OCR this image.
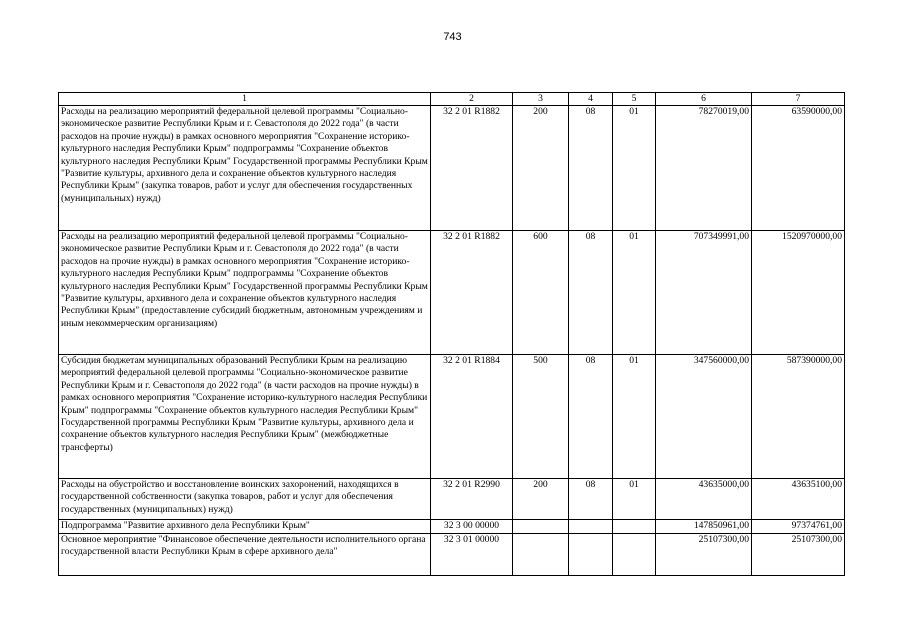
743
1	2	3	4	5	6	7
Расходы на реализацию мероприятий федеральной целевой программы "Социально-экономическое развитие Республики Крым и г. Севастополя до 2022 года" (в части расходов на прочие нужды) в рамках основного мероприятия "Сохранение историко-культурного наследия Республики Крым" подпрограммы "Сохранение объектов культурного наследия Республики Крым" Государственной программы Республики Крым "Развитие культуры, архивного дела и сохранение объектов культурного наследия Республики Крым" (закупка товаров, работ и услуг для обеспечения государственных (муниципальных) нужд)	32 2 01 R1882	200	08	01	78270019,00	63590000,00
Расходы на реализацию мероприятий федеральной целевой программы "Социально-экономическое развитие Республики Крым и г. Севастополя до 2022 года" (в части расходов на прочие нужды) в рамках основного мероприятия "Сохранение историко-культурного наследия Республики Крым" подпрограммы "Сохранение объектов культурного наследия Республики Крым" Государственной программы Республики Крым "Развитие культуры, архивного дела и сохранение объектов культурного наследия Республики Крым" (предоставление субсидий бюджетным, автономным учреждениям и иным некоммерческим организациям)	32 2 01 R1882	600	08	01	707349991,00	1520970000,00
Субсидия бюджетам муниципальных образований Республики Крым на реализацию мероприятий федеральной целевой программы "Социально-экономическое развитие Республики Крым и г. Севастополя до 2022 года" (в части расходов на прочие нужды) в рамках основного мероприятия "Сохранение историко-культурного наследия Республики Крым" подпрограммы "Сохранение объектов культурного наследия Республики Крым" Государственной программы Республики Крым "Развитие культуры, архивного дела и сохранение объектов культурного наследия Республики Крым" (межбюджетные трансферты)	32 2 01 R1884	500	08	01	347560000,00	587390000,00
Расходы на обустройство и восстановление воинских захоронений, находящихся в государственной собственности (закупка товаров, работ и услуг для обеспечения государственных (муниципальных) нужд)	32 2 01 R2990	200	08	01	43635000,00	43635100,00
Подпрограмма "Развитие архивного дела Республики Крым"	32 3 00 00000				147850961,00	97374761,00
Основное мероприятие "Финансовое обеспечение деятельности исполнительного органа государственной власти Республики Крым в сфере архивного дела"	32 3 01 00000				25107300,00	25107300,00
